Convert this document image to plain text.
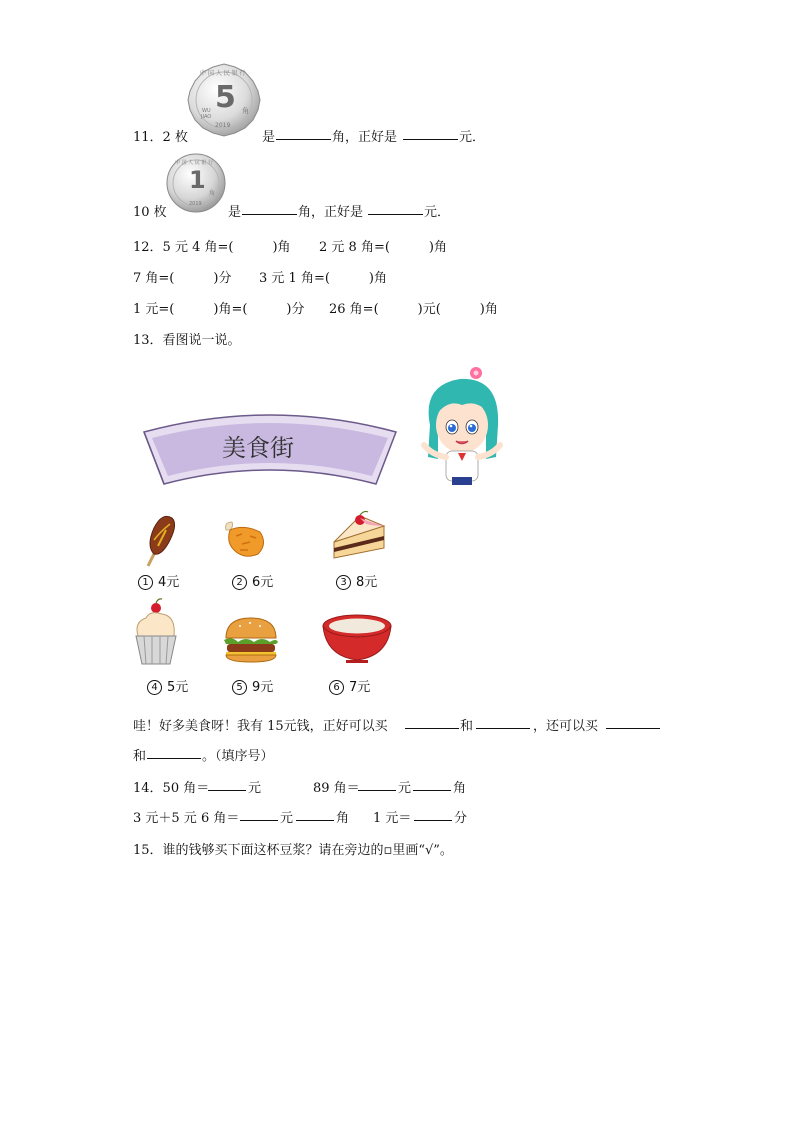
中 国 人 民 银 行
5 角
WU
JIAO
2019
11．2 枚	是	角，正好是	元．
中 国 人 民 银 行
1 角
2019
10 枚	是	角，正好是	元．
12．5 元 4 角=(　　　)角 2 元 8 角=(　　　)角
7 角=(　　　)分 3 元 1 角=(　　　)角
1 元=(　　　)角=(　　　)分 26 角=(　　　)元(　　　)角
13．看图说一说。
美食街
1 4元	2 6元	3 8元
4 5元	5 9元	6 7元
哇！好多美食呀！我有 15元钱，正好可以买	和	，还可以买
和	。（填序号）
14．50 角＝	元	89 角＝	元	角
3 元＋5 元 6 角＝	元	角 1 元＝	分
15．谁的钱够买下面这杯豆浆？请在旁边的▫里画“√”。
